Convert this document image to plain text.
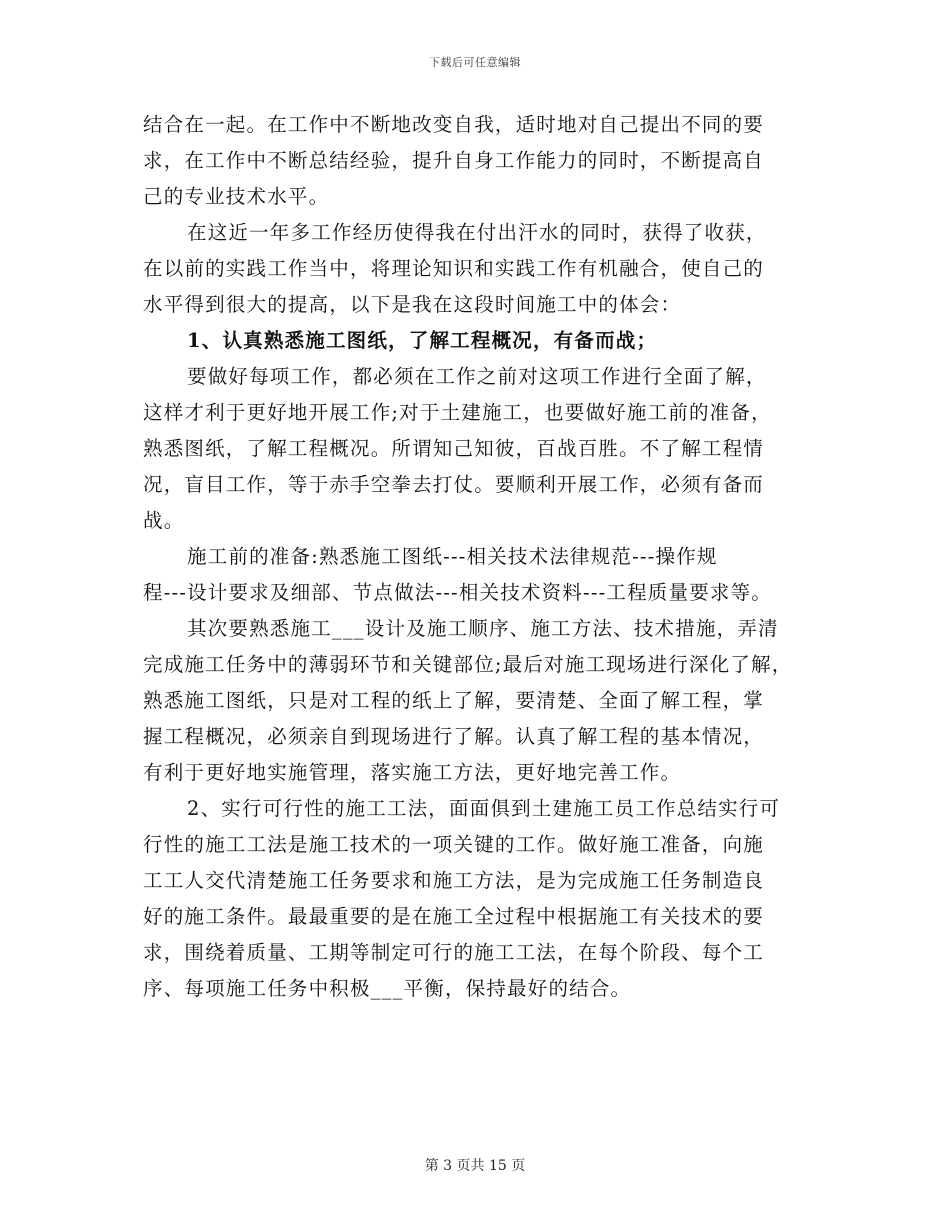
下载后可任意编辑
结合在一起。在工作中不断地改变自我，适时地对自己提出不同的要
求，在工作中不断总结经验，提升自身工作能力的同时，不断提高自
己的专业技术水平。
在这近一年多工作经历使得我在付出汗水的同时，获得了收获，
在以前的实践工作当中，将理论知识和实践工作有机融合，使自己的
水平得到很大的提高，以下是我在这段时间施工中的体会：
1、认真熟悉施工图纸，了解工程概况，有备而战；
要做好每项工作，都必须在工作之前对这项工作进行全面了解，
这样才利于更好地开展工作;对于土建施工，也要做好施工前的准备，
熟悉图纸，了解工程概况。所谓知己知彼，百战百胜。不了解工程情
况，盲目工作，等于赤手空拳去打仗。要顺利开展工作，必须有备而
战。
施工前的准备:熟悉施工图纸---相关技术法律规范---操作规
程---设计要求及细部、节点做法---相关技术资料---工程质量要求等。
其次要熟悉施工___设计及施工顺序、施工方法、技术措施，弄清
完成施工任务中的薄弱环节和关键部位;最后对施工现场进行深化了解，
熟悉施工图纸，只是对工程的纸上了解，要清楚、全面了解工程，掌
握工程概况，必须亲自到现场进行了解。认真了解工程的基本情况，
有利于更好地实施管理，落实施工方法，更好地完善工作。
2、实行可行性的施工工法，面面俱到土建施工员工作总结实行可
行性的施工工法是施工技术的一项关键的工作。做好施工准备，向施
工工人交代清楚施工任务要求和施工方法，是为完成施工任务制造良
好的施工条件。最最重要的是在施工全过程中根据施工有关技术的要
求，围绕着质量、工期等制定可行的施工工法，在每个阶段、每个工
序、每项施工任务中积极___平衡，保持最好的结合。
第 3 页共 15 页
